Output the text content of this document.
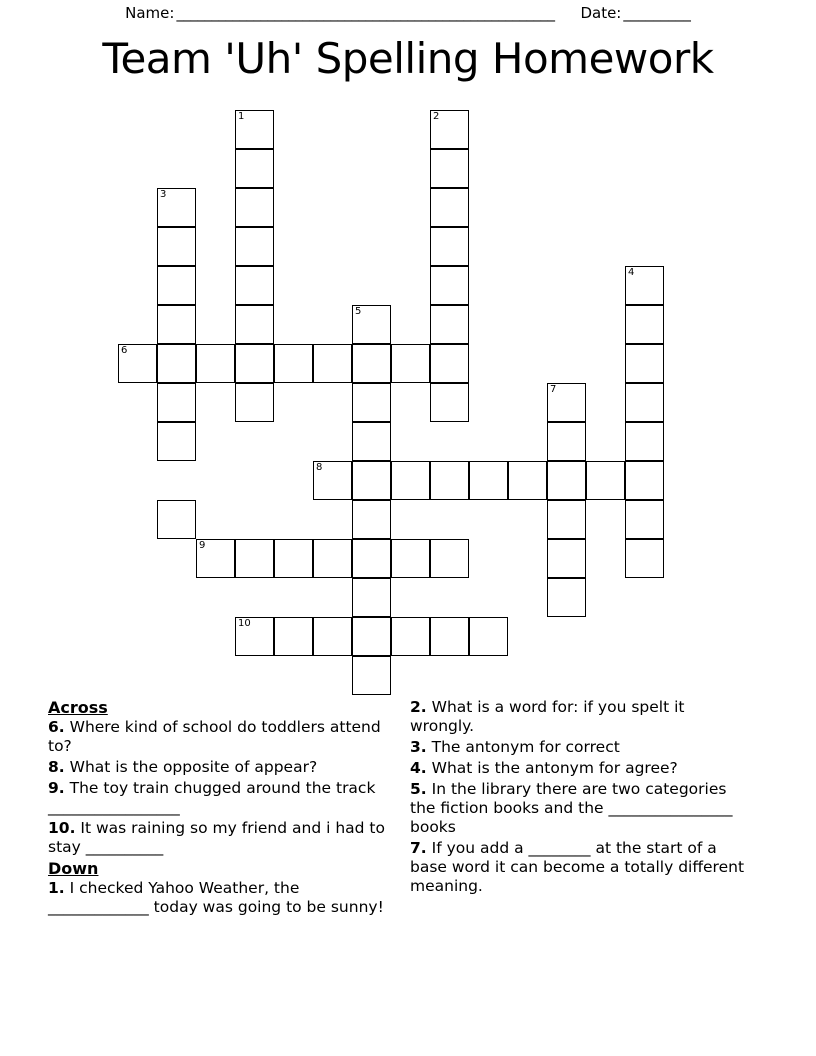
Name: ______________________________________________________ Date: _________
Team 'Uh' Spelling Homework
1	2
3
4
5
6
7
8
9
10
Across
6. Where kind of school do toddlers attend to?
8. What is the opposite of appear?
9. The toy train chugged around the track _________________
10. It was raining so my friend and i had to stay __________
Down
1. I checked Yahoo Weather, the _____________ today was going to be sunny!
2. What is a word for: if you spelt it wrongly.
3. The antonym for correct
4. What is the antonym for agree?
5. In the library there are two categories the fiction books and the ________________ books
7. If you add a ________ at the start of a base word it can become a totally different meaning.
